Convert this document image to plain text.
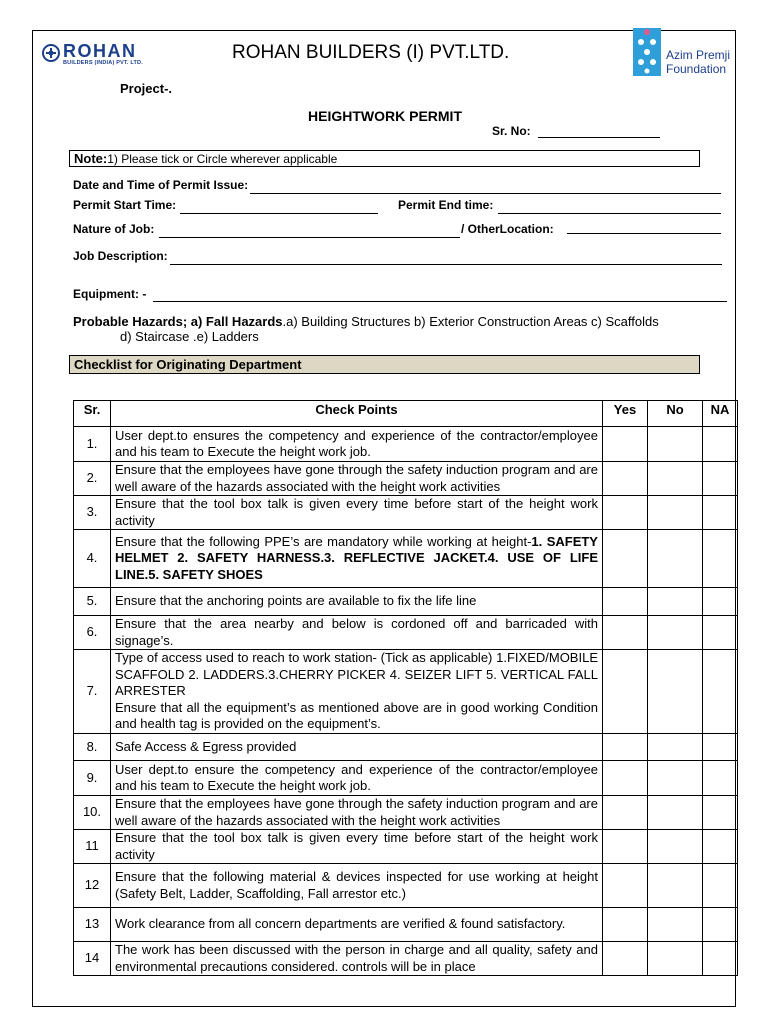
ROHAN
BUILDERS (INDIA) PVT. LTD.	ROHAN BUILDERS (I) PVT.LTD.	Azim Premji
Foundation
Project-.
HEIGHTWORK PERMIT
Sr. No:
Note:1) Please tick or Circle wherever applicable
Date and Time of Permit Issue:
Permit Start Time:	Permit End time:
Nature of Job:	/ OtherLocation:
Job Description:
Equipment: -
Probable Hazards; a) Fall Hazards.a) Building Structures b) Exterior Construction Areas c) Scaffolds
d) Staircase .e) Ladders
Checklist for Originating Department
Sr.	Check Points	Yes	No	NA
1.	User dept.to ensures the competency and experience of the contractor/employee and his team to Execute the height work job.			
2.	Ensure that the employees have gone through the safety induction program and are well aware of the hazards associated with the height work activities			
3.	Ensure that the tool box talk is given every time before start of the height work activity			
4.	Ensure that the following PPE’s are mandatory while working at height-1. SAFETY HELMET 2. SAFETY HARNESS.3. REFLECTIVE JACKET.4. USE OF LIFE LINE.5. SAFETY SHOES			
5.	Ensure that the anchoring points are available to fix the life line			
6.	Ensure that the area nearby and below is cordoned off and barricaded with signage’s.			
7.	Type of access used to reach to work station- (Tick as applicable) 1.FIXED/MOBILE SCAFFOLD 2. LADDERS.3.CHERRY PICKER 4. SEIZER LIFT 5. VERTICAL FALL ARRESTER
Ensure that all the equipment’s as mentioned above are in good working Condition and health tag is provided on the equipment’s.			

8.	Safe Access & Egress provided			
9.	User dept.to ensure the competency and experience of the contractor/employee and his team to Execute the height work job.			
10.	Ensure that the employees have gone through the safety induction program and are well aware of the hazards associated with the height work activities			
11	Ensure that the tool box talk is given every time before start of the height work activity			
12	Ensure that the following material & devices inspected for use working at height (Safety Belt, Ladder, Scaffolding, Fall arrestor etc.)			
13	Work clearance from all concern departments are verified & found satisfactory.			
14	The work has been discussed with the person in charge and all quality, safety and environmental precautions considered. controls will be in place			
